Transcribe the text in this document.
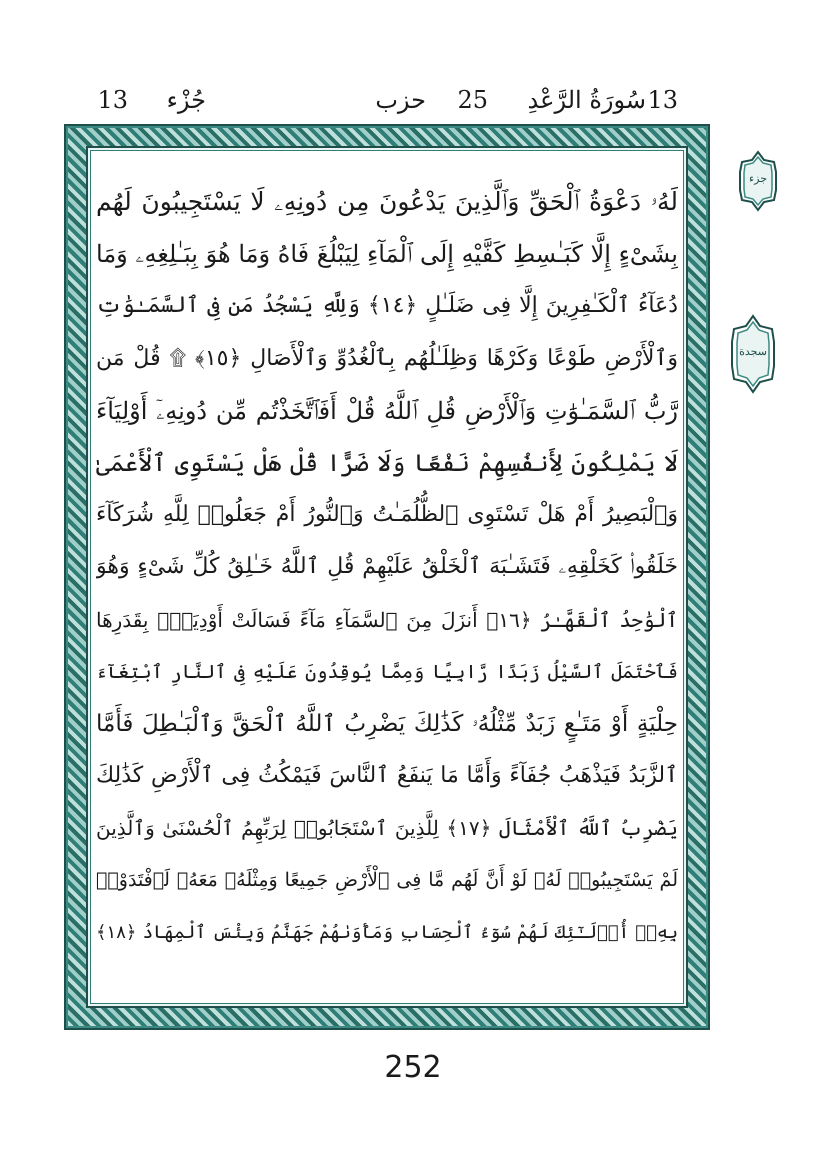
13
سُورَةُ الرَّعْدِ
حزب 25
جُزْء
13
لَهُۥ دَعْوَةُ ٱلْحَقِّ وَٱلَّذِينَ يَدْعُونَ مِن دُونِهِۦ لَا يَسْتَجِيبُونَ لَهُم
بِشَىْءٍ إِلَّا كَبَـٰسِطِ كَفَّيْهِ إِلَى ٱلْمَآءِ لِيَبْلُغَ فَاهُ وَمَا هُوَ بِبَـٰلِغِهِۦ وَمَا
دُعَآءُ ٱلْكَـٰفِرِينَ إِلَّا فِى ضَلَـٰلٍ ﴿١٤﴾ وَلِلَّهِ يَسْجُدُ مَن فِى ٱلسَّمَـٰوَٰتِ
وَٱلْأَرْضِ طَوْعًا وَكَرْهًا وَظِلَـٰلُهُم بِٱلْغُدُوِّ وَٱلْأَصَالِ ﴿١٥﴾ ۩ قُلْ مَن
رَّبُّ ٱلسَّمَـٰوَٰتِ وَٱلْأَرْضِ قُلِ ٱللَّهُ قُلْ أَفَٱتَّخَذْتُم مِّن دُونِهِۦٓ أَوْلِيَآءَ
لَا يَمْلِكُونَ لِأَنفُسِهِمْ نَفْعًا وَلَا ضَرًّا قُلْ هَلْ يَسْتَوِى ٱلْأَعْمَىٰ
وَٱلْبَصِيرُ أَمْ هَلْ تَسْتَوِى ٱلظُّلُمَـٰتُ وَٱلنُّورُ أَمْ جَعَلُوا۟ لِلَّهِ شُرَكَآءَ
خَلَقُوا۟ كَخَلْقِهِۦ فَتَشَـٰبَهَ ٱلْخَلْقُ عَلَيْهِمْ قُلِ ٱللَّهُ خَـٰلِقُ كُلِّ شَىْءٍ وَهُوَ
ٱلْوَٰحِدُ ٱلْقَهَّـٰرُ ﴿١٦﴾ أَنزَلَ مِنَ ٱلسَّمَآءِ مَآءً فَسَالَتْ أَوْدِيَةٌۢ بِقَدَرِهَا
فَٱحْتَمَلَ ٱلسَّيْلُ زَبَدًا رَّابِيًا وَمِمَّا يُوقِدُونَ عَلَيْهِ فِى ٱلنَّارِ ٱبْتِغَآءَ
حِلْيَةٍ أَوْ مَتَـٰعٍ زَبَدٌ مِّثْلُهُۥ كَذَٰلِكَ يَضْرِبُ ٱللَّهُ ٱلْحَقَّ وَٱلْبَـٰطِلَ فَأَمَّا
ٱلزَّبَدُ فَيَذْهَبُ جُفَآءً وَأَمَّا مَا يَنفَعُ ٱلنَّاسَ فَيَمْكُثُ فِى ٱلْأَرْضِ كَذَٰلِكَ
يَضْرِبُ ٱللَّهُ ٱلْأَمْثَالَ ﴿١٧﴾ لِلَّذِينَ ٱسْتَجَابُوا۟ لِرَبِّهِمُ ٱلْحُسْنَىٰ وَٱلَّذِينَ
لَمْ يَسْتَجِيبُوا۟ لَهُۥ لَوْ أَنَّ لَهُم مَّا فِى ٱلْأَرْضِ جَمِيعًا وَمِثْلَهُۥ مَعَهُۥ لَٱفْتَدَوْا۟
بِهِۦٓ أُو۟لَـٰٓئِكَ لَهُمْ سُوٓءُ ٱلْحِسَابِ وَمَأْوَىٰهُمْ جَهَنَّمُ وَبِئْسَ ٱلْمِهَادُ ﴿١٨﴾
جزء
سجدة
252
